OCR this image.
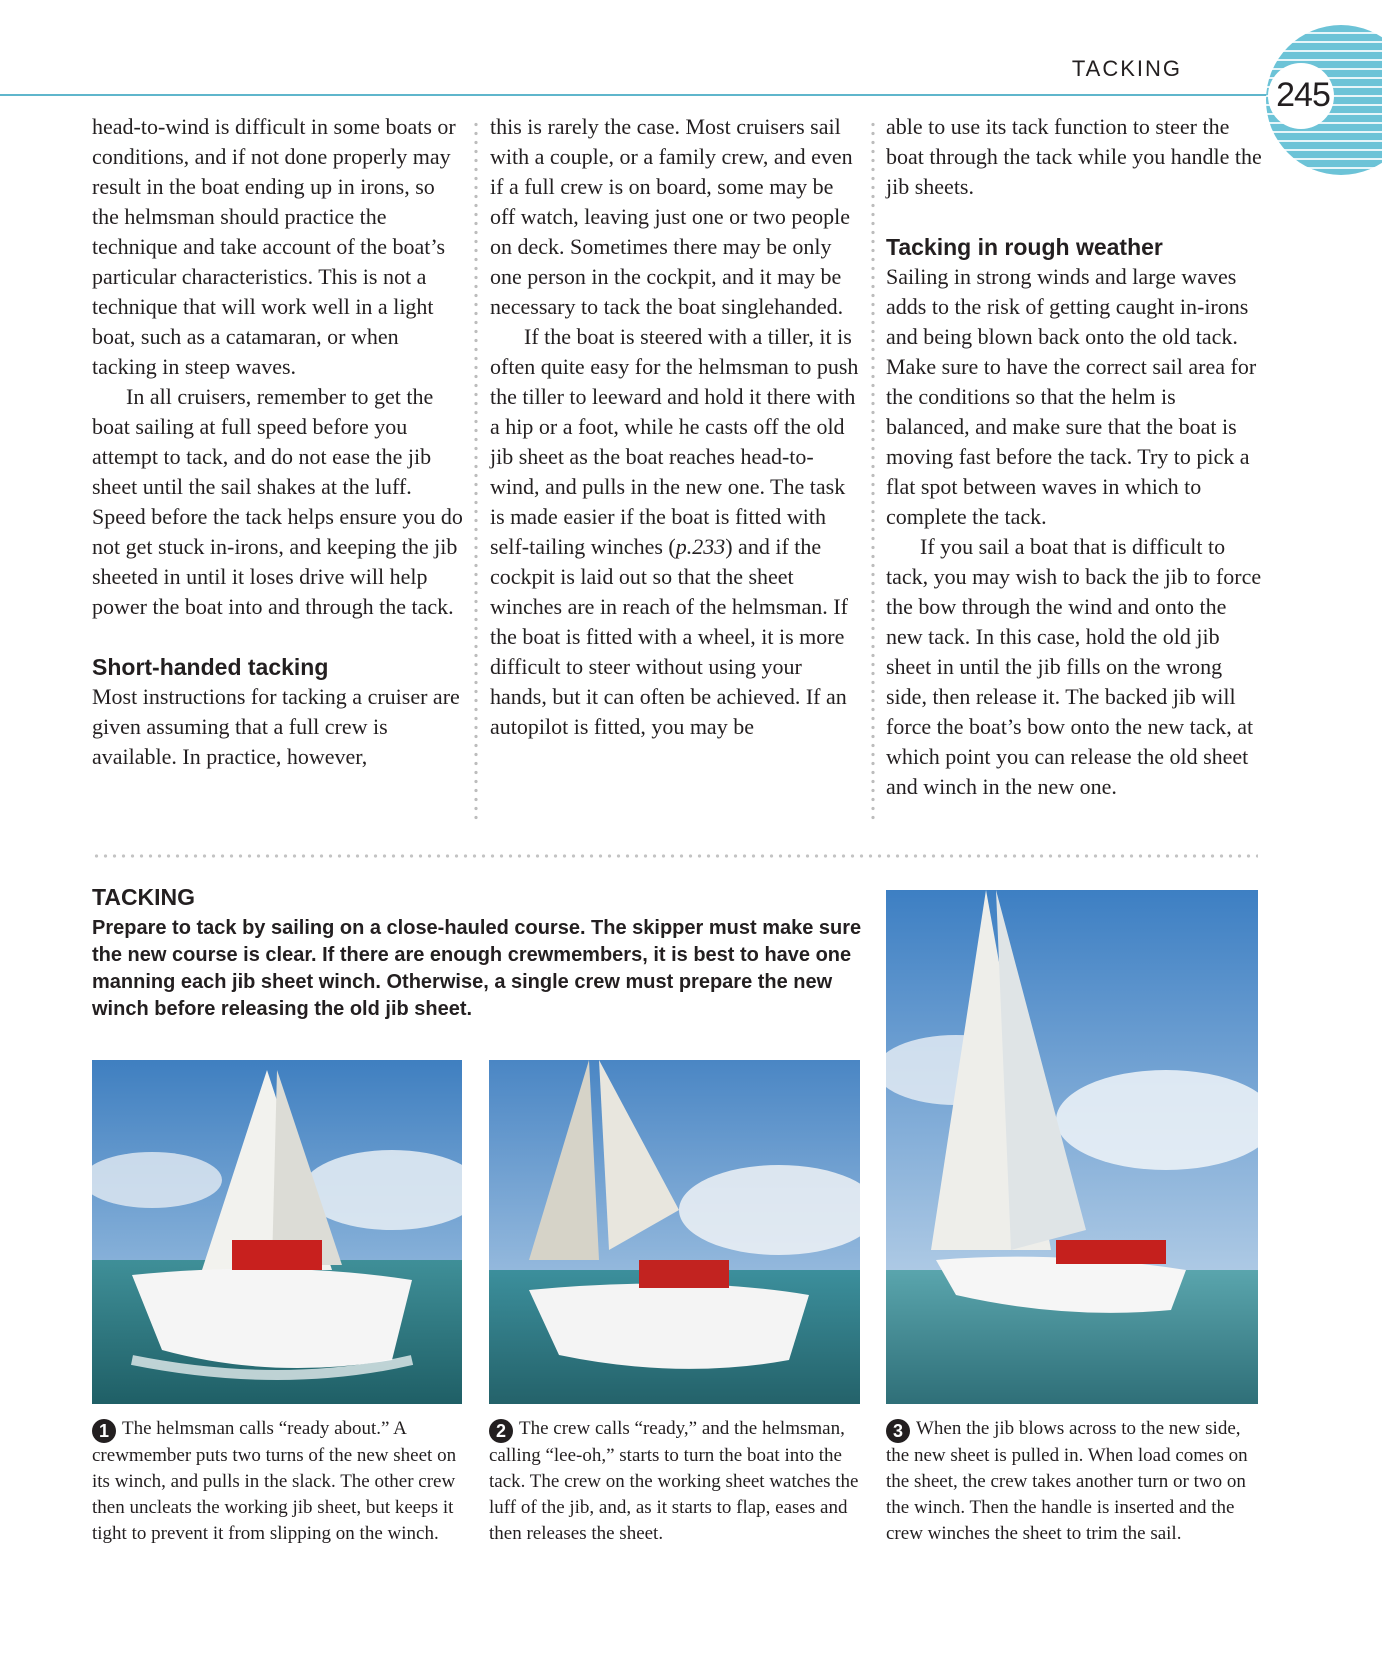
TACKING
245

head-to-wind is difficult in some boats or conditions, and if not done properly may result in the boat ending up in irons, so the helmsman should practice the technique and take account of the boat’s particular characteristics. This is not a technique that will work well in a light boat, such as a catamaran, or when tacking in steep waves.

In all cruisers, remember to get the boat sailing at full speed before you attempt to tack, and do not ease the jib sheet until the sail shakes at the luff. Speed before the tack helps ensure you do not get stuck in-irons, and keeping the jib sheeted in until it loses drive will help power the boat into and through the tack.

Short-handed tacking

Most instructions for tacking a cruiser are given assuming that a full crew is available. In practice, however,

this is rarely the case. Most cruisers sail with a couple, or a family crew, and even if a full crew is on board, some may be off watch, leaving just one or two people on deck. Sometimes there may be only one person in the cockpit, and it may be necessary to tack the boat singlehanded.

If the boat is steered with a tiller, it is often quite easy for the helmsman to push the tiller to leeward and hold it there with a hip or a foot, while he casts off the old jib sheet as the boat reaches head-to-wind, and pulls in the new one. The task is made easier if the boat is fitted with self-tailing winches (p.233) and if the cockpit is laid out so that the sheet winches are in reach of the helmsman. If the boat is fitted with a wheel, it is more difficult to steer without using your hands, but it can often be achieved. If an autopilot is fitted, you may be

able to use its tack function to steer the boat through the tack while you handle the jib sheets.

Tacking in rough weather

Sailing in strong winds and large waves adds to the risk of getting caught in-irons and being blown back onto the old tack. Make sure to have the correct sail area for the conditions so that the helm is balanced, and make sure that the boat is moving fast before the tack. Try to pick a flat spot between waves in which to complete the tack.

If you sail a boat that is difficult to tack, you may wish to back the jib to force the bow through the wind and onto the new tack. In this case, hold the old jib sheet in until the jib fills on the wrong side, then release it. The backed jib will force the boat’s bow onto the new tack, at which point you can release the old sheet and winch in the new one.

TACKING
Prepare to tack by sailing on a close-hauled course. The skipper must make sure the new course is clear. If there are enough crewmembers, it is best to have one manning each jib sheet winch. Otherwise, a single crew must prepare the new winch before releasing the old jib sheet.
1 The helmsman calls “ready about.” A crewmember puts two turns of the new sheet on its winch, and pulls in the slack. The other crew then uncleats the working jib sheet, but keeps it tight to prevent it from slipping on the winch.
2 The crew calls “ready,” and the helmsman, calling “lee-oh,” starts to turn the boat into the tack. The crew on the working sheet watches the luff of the jib, and, as it starts to flap, eases and then releases the sheet.
3 When the jib blows across to the new side, the new sheet is pulled in. When load comes on the sheet, the crew takes another turn or two on the winch. Then the handle is inserted and the crew winches the sheet to trim the sail.
